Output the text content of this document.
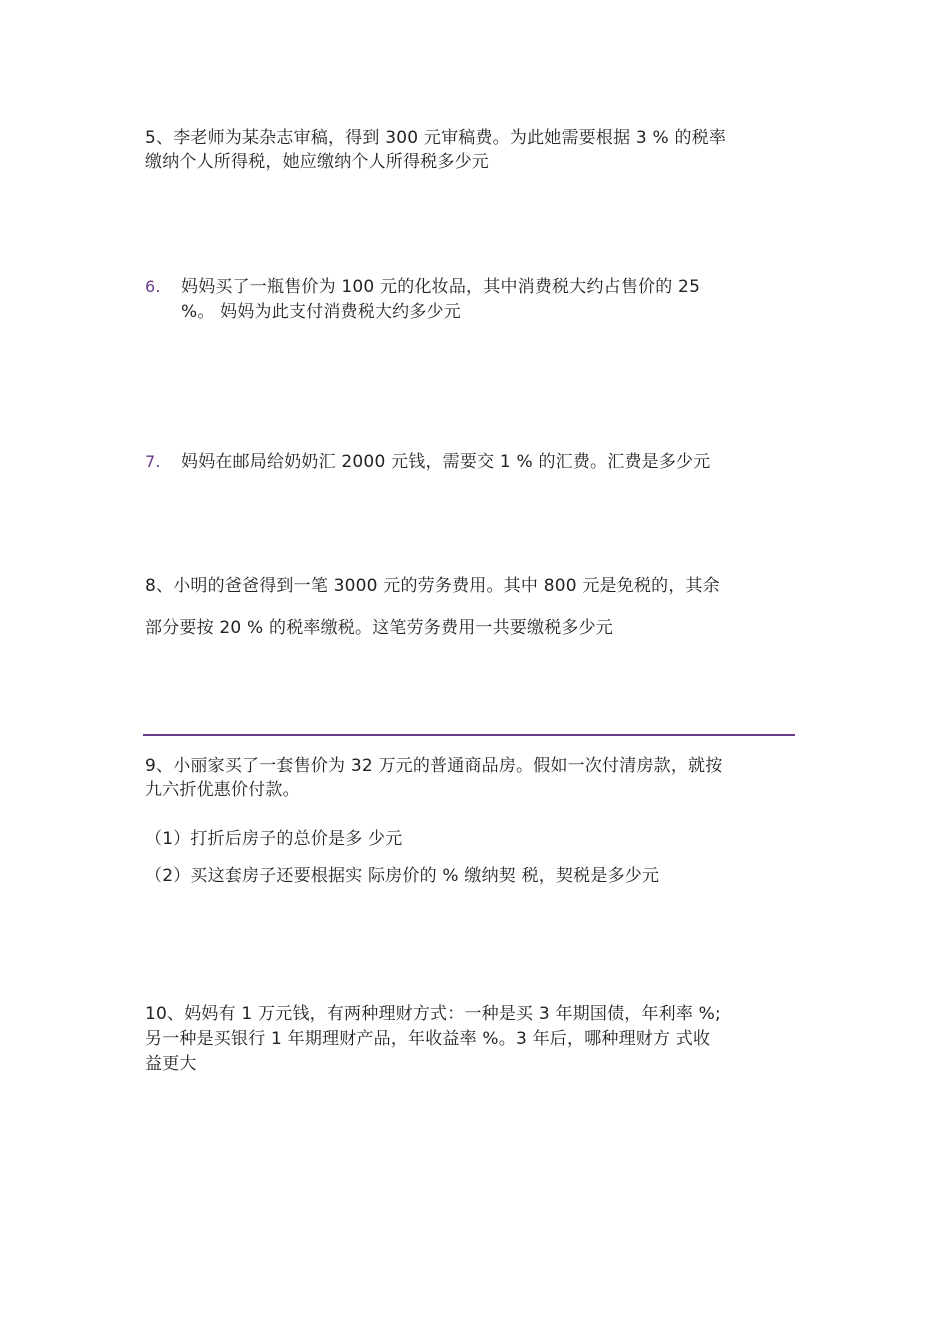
5、李老师为某杂志审稿，得到 300 元审稿费。为此她需要根据 3 % 的税率
缴纳个人所得税，她应缴纳个人所得税多少元
6. 妈妈买了一瓶售价为 100 元的化妆品，其中消费税大约占售价的 25
%。 妈妈为此支付消费税大约多少元
7. 妈妈在邮局给奶奶汇 2000 元钱，需要交 1 % 的汇费。汇费是多少元
8、小明的爸爸得到一笔 3000 元的劳务费用。其中 800 元是免税的，其余
部分要按 20 % 的税率缴税。这笔劳务费用一共要缴税多少元
9、小丽家买了一套售价为 32 万元的普通商品房。假如一次付清房款，就按
九六折优惠价付款。
（1）打折后房子的总价是多 少元
（2）买这套房子还要根据实 际房价的 % 缴纳契 税，契税是多少元
10、妈妈有 1 万元钱，有两种理财方式：一种是买 3 年期国债，年利率 %;
另一种是买银行 1 年期理财产品，年收益率 %。3 年后，哪种理财方 式收
益更大
